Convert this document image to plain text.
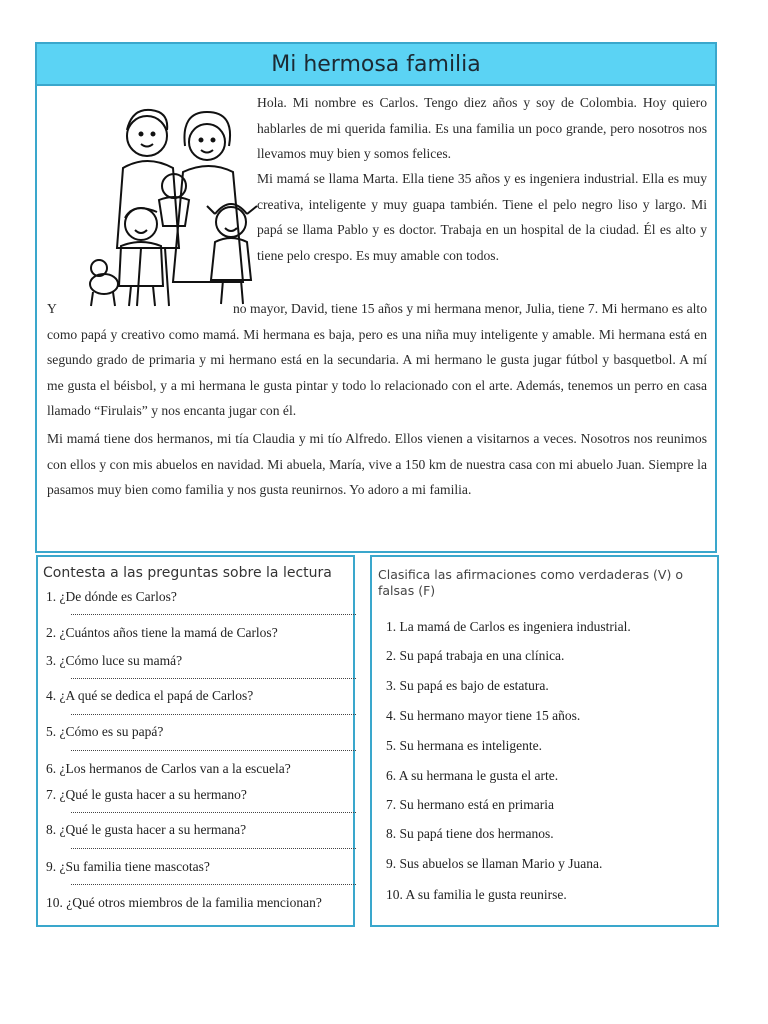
Mi hermosa familia

Hola. Mi nombre es Carlos. Tengo diez años y soy de Colombia. Hoy quiero hablarles de mi querida familia. Es una familia un poco grande, pero nosotros nos llevamos muy bien y somos felices.

Mi mamá se llama Marta. Ella tiene 35 años y es ingeniera industrial. Ella es muy creativa, inteligente y muy guapa también. Tiene el pelo negro liso y largo. Mi papá se llama Pablo y es doctor. Trabaja en un hospital de la ciudad. Él es alto y tiene pelo crespo. Es muy amable con todos.

Y	no mayor, David, tiene 15 años y mi hermana menor, Julia, tiene 7. Mi hermano es alto como papá y creativo como mamá. Mi hermana es baja, pero es una niña muy inteligente y amable. Mi hermana está en segundo grado de primaria y mi hermano está en la secundaria. A mi hermano le gusta jugar fútbol y basquetbol. A mí me gusta el béisbol, y a mi hermana le gusta pintar y todo lo relacionado con el arte. Además, tenemos un perro en casa llamado “Firulais” y nos encanta jugar con él.

Mi mamá tiene dos hermanos, mi tía Claudia y mi tío Alfredo. Ellos vienen a visitarnos a veces. Nosotros nos reunimos con ellos y con mis abuelos en navidad. Mi abuela, María, vive a 150 km de nuestra casa con mi abuelo Juan. Siempre la pasamos muy bien como familia y nos gusta reunirnos. Yo adoro a mi familia.

Contesta a las preguntas sobre la lectura
1. ¿De dónde es Carlos?
2. ¿Cuántos años tiene la mamá de Carlos?
3. ¿Cómo luce su mamá?
4. ¿A qué se dedica el papá de Carlos?
5. ¿Cómo es su papá?
6. ¿Los hermanos de Carlos van a la escuela?
7. ¿Qué le gusta hacer a su hermano?
8. ¿Qué le gusta hacer a su hermana?
9. ¿Su familia tiene mascotas?
10. ¿Qué otros miembros de la familia mencionan?
Clasifica las afirmaciones como verdaderas (V) o falsas (F)
1. La mamá de Carlos es ingeniera industrial.
2. Su papá trabaja en una clínica.
3. Su papá es bajo de estatura.
4. Su hermano mayor tiene 15 años.
5. Su hermana es inteligente.
6. A su hermana le gusta el arte.
7. Su hermano está en primaria
8. Su papá tiene dos hermanos.
9. Sus abuelos se llaman Mario y Juana.
10. A su familia le gusta reunirse.
